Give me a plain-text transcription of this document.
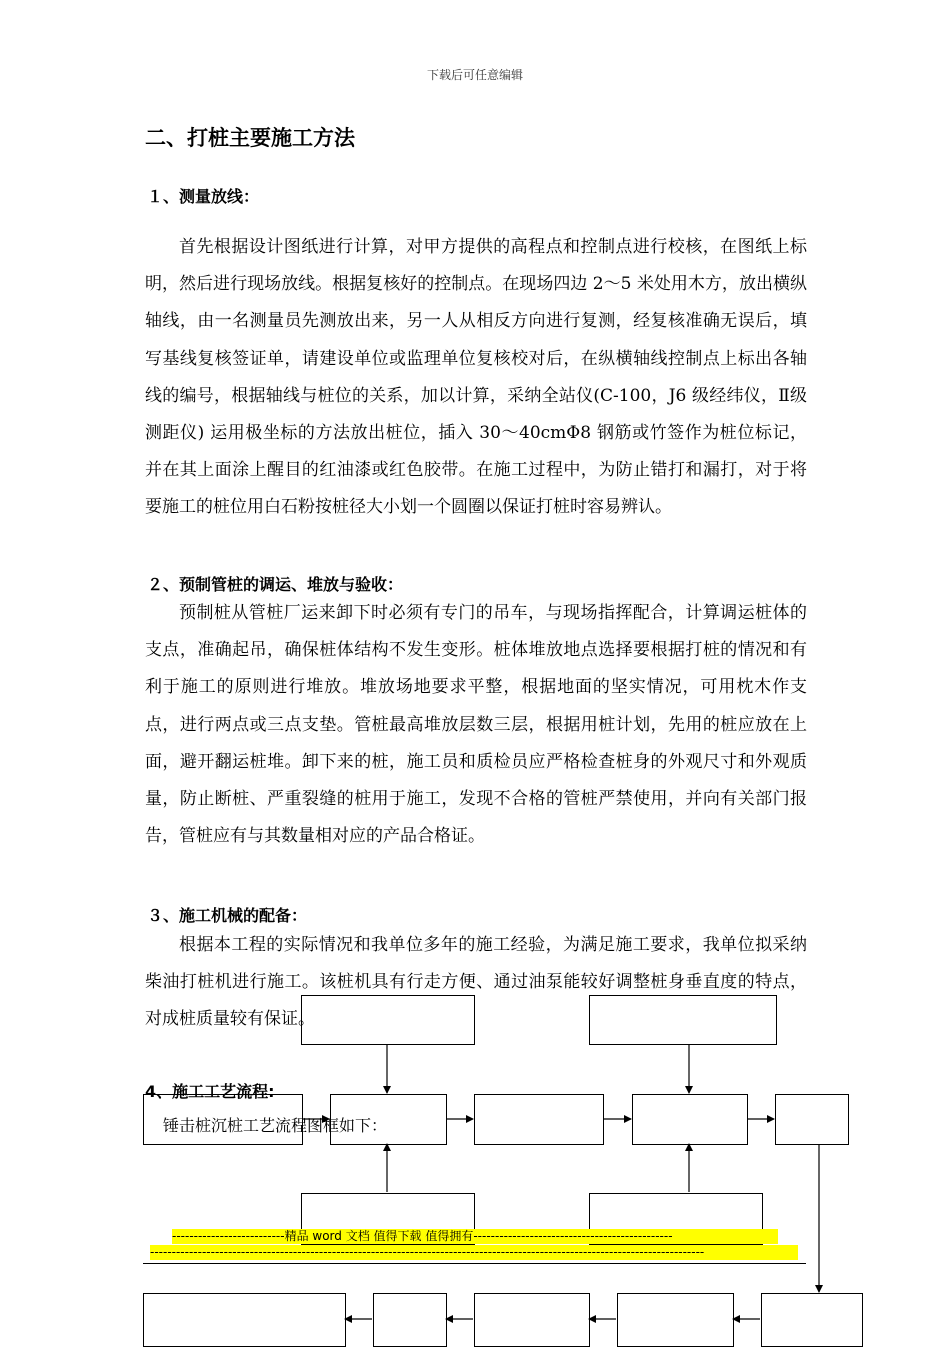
下载后可任意编辑
二、打桩主要施工方法
１、测量放线：

首先根据设计图纸进行计算，对甲方提供的高程点和控制点进行校核，在图纸上标明，然后进行现场放线。根据复核好的控制点。在现场四边 2～5 米处用木方，放出横纵轴线，由一名测量员先测放出来，另一人从相反方向进行复测，经复核准确无误后，填写基线复核签证单，请建设单位或监理单位复核校对后，在纵横轴线控制点上标出各轴线的编号，根据轴线与桩位的关系，加以计算，采纳全站仪(C-100，J6 级经纬仪，Ⅱ级测距仪) 运用极坐标的方法放出桩位，插入 30～40cmΦ8 钢筋或竹签作为桩位标记， 并在其上面涂上醒目的红油漆或红色胶带。在施工过程中，为防止错打和漏打，对于将要施工的桩位用白石粉按桩径大小划一个圆圈以保证打桩时容易辨认。

２、预制管桩的调运、堆放与验收：

预制桩从管桩厂运来卸下时必须有专门的吊车，与现场指挥配合，计算调运桩体的支点，准确起吊，确保桩体结构不发生变形。桩体堆放地点选择要根据打桩的情况和有利于施工的原则进行堆放。堆放场地要求平整，根据地面的坚实情况，可用枕木作支点，进行两点或三点支垫。管桩最高堆放层数三层，根据用桩计划，先用的桩应放在上面，避开翻运桩堆。卸下来的桩，施工员和质检员应严格检查桩身的外观尺寸和外观质量，防止断桩、严重裂缝的桩用于施工，发现不合格的管桩严禁使用，并向有关部门报告，管桩应有与其数量相对应的产品合格证。

３、施工机械的配备：

根据本工程的实际情况和我单位多年的施工经验，为满足施工要求，我单位拟采纳柴油打桩机进行施工。该桩机具有行走方便、通过油泵能较好调整桩身垂直度的特点，对成桩质量较有保证。

4、施工工艺流程:
锤击桩沉桩工艺流程图框如下：
--------------------------精品 word 文档 值得下载 值得拥有----------------------------------------------
--------------------------------------------------------------------------------------------------------------------------------
